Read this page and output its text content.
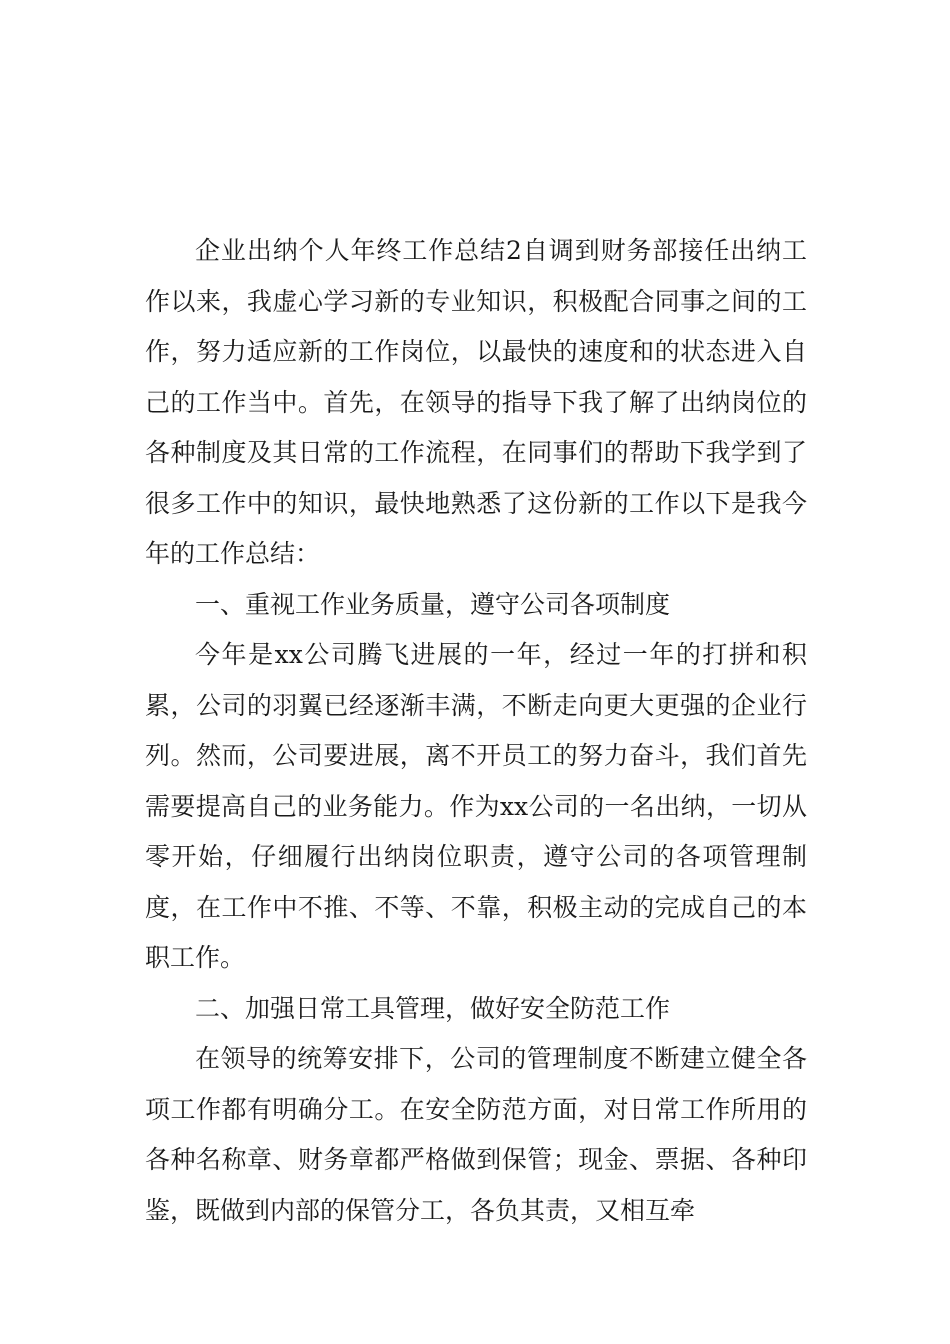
企业出纳个人年终工作总结2自调到财务部接任出纳工作以来，我虚心学习新的专业知识，积极配合同事之间的工作，努力适应新的工作岗位，以最快的速度和的状态进入自己的工作当中。首先，在领导的指导下我了解了出纳岗位的各种制度及其日常的工作流程，在同事们的帮助下我学到了很多工作中的知识，最快地熟悉了这份新的工作以下是我今年的工作总结：

一、重视工作业务质量，遵守公司各项制度

今年是xx公司腾飞进展的一年，经过一年的打拼和积累，公司的羽翼已经逐渐丰满，不断走向更大更强的企业行列。然而，公司要进展，离不开员工的努力奋斗，我们首先需要提高自己的业务能力。作为xx公司的一名出纳，一切从零开始，仔细履行出纳岗位职责，遵守公司的各项管理制度，在工作中不推、不等、不靠，积极主动的完成自己的本职工作。

二、加强日常工具管理，做好安全防范工作

在领导的统筹安排下，公司的管理制度不断建立健全各项工作都有明确分工。在安全防范方面，对日常工作所用的各种名称章、财务章都严格做到保管；现金、票据、各种印鉴，既做到内部的保管分工，各负其责，又相互牵
